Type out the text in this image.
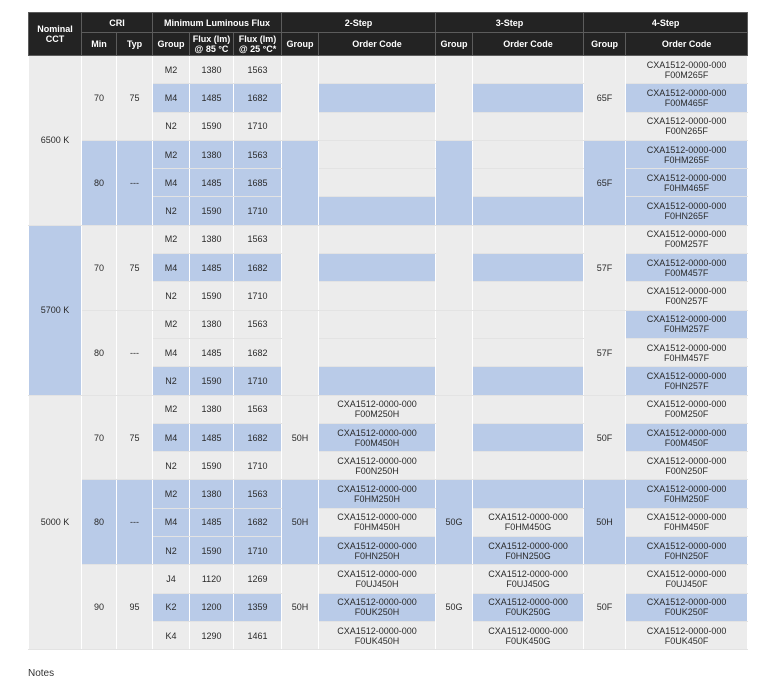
Nominal CCT	CRI		Minimum Luminous Flux			2-Step		3-Step		4-Step	
	Min	Typ	Group	Flux (lm) @ 85 °C	Flux (lm) @ 25 °C*	Group	Order Code	Group	Order Code	Group	Order Code
6500 K	70	75	M2	1380	1563					65F	CXA1512-0000-000F00M265F
			M4	1485	1682						CXA1512-0000-000F00M465F
			N2	1590	1710						CXA1512-0000-000F00N265F
	80	---	M2	1380	1563					65F	CXA1512-0000-000F0HM265F
			M4	1485	1685						CXA1512-0000-000F0HM465F
			N2	1590	1710						CXA1512-0000-000F0HN265F
5700 K	70	75	M2	1380	1563					57F	CXA1512-0000-000F00M257F
			M4	1485	1682						CXA1512-0000-000F00M457F
			N2	1590	1710						CXA1512-0000-000F00N257F
	80	---	M2	1380	1563					57F	CXA1512-0000-000F0HM257F
			M4	1485	1682						CXA1512-0000-000F0HM457F
			N2	1590	1710						CXA1512-0000-000F0HN257F
5000 K	70	75	M2	1380	1563	50H	CXA1512-0000-000F00M250H			50F	CXA1512-0000-000F00M250F
			M4	1485	1682		CXA1512-0000-000F00M450H				CXA1512-0000-000F00M450F
			N2	1590	1710		CXA1512-0000-000F00N250H				CXA1512-0000-000F00N250F
	80	---	M2	1380	1563	50H	CXA1512-0000-000F0HM250H	50G		50H	CXA1512-0000-000F0HM250F
			M4	1485	1682		CXA1512-0000-000F0HM450H		CXA1512-0000-000F0HM450G		CXA1512-0000-000F0HM450F
			N2	1590	1710		CXA1512-0000-000F0HN250H		CXA1512-0000-000F0HN250G		CXA1512-0000-000F0HN250F
	90	95	J4	1120	1269	50H	CXA1512-0000-000F0UJ450H	50G	CXA1512-0000-000F0UJ450G	50F	CXA1512-0000-000F0UJ450F
			K2	1200	1359		CXA1512-0000-000F0UK250H		CXA1512-0000-000F0UK250G		CXA1512-0000-000F0UK250F
			K4	1290	1461		CXA1512-0000-000F0UK450H		CXA1512-0000-000F0UK450G		CXA1512-0000-000F0UK450F
Notes
